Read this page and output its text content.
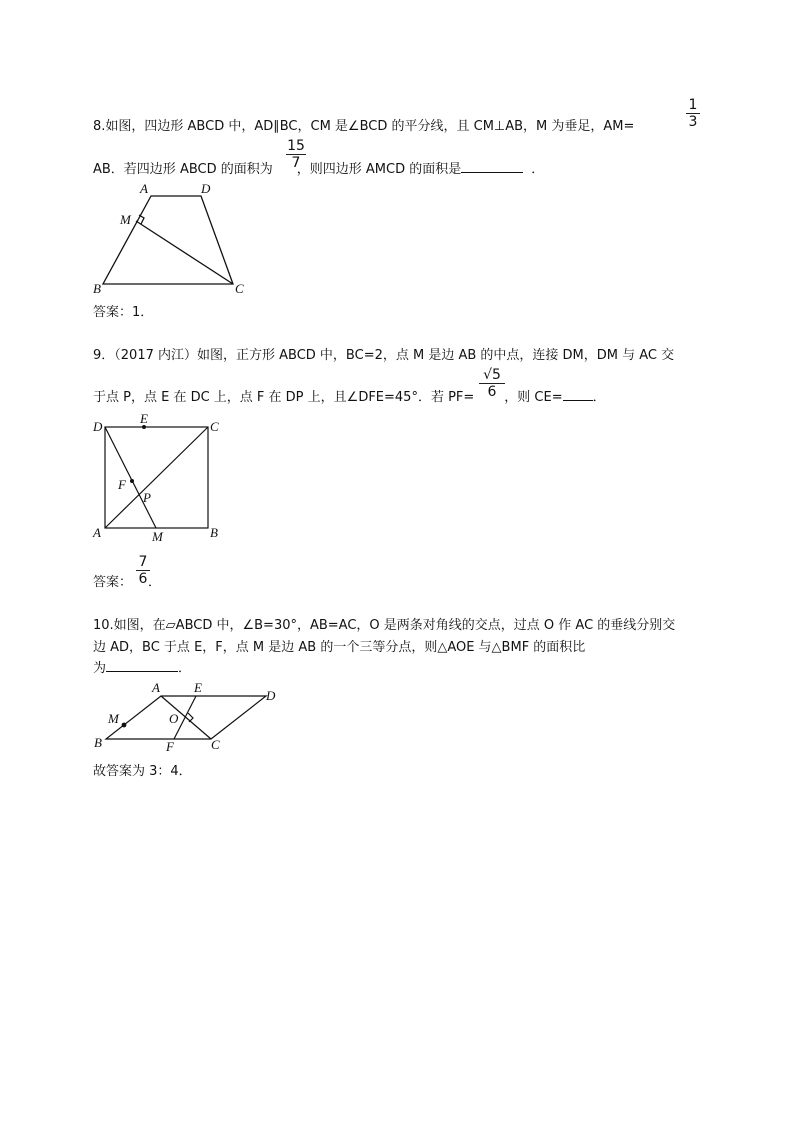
$\frac{1}{3}$
8.如图，四边形 ABCD 中，AD∥BC，CM 是∠BCD 的平分线，且 CM⊥AB，M 为垂足，AM=
$\frac{15}{7}$
AB．若四边形 ABCD 的面积为 ，则四边形 AMCD 的面积是	．
A	D
M
B	C
答案：1．
9．（2017 内江）如图，正方形 ABCD 中，BC=2，点 M 是边 AB 的中点，连接 DM，DM 与 AC 交
$\frac{√5}{6}$
于点 P，点 E 在 DC 上，点 F 在 DP 上，且∠DFE=45°．若 PF= ，则 CE= ．
D
E
C
F
P
A	M	B
$\frac{7}{6}$
答案： ．
10.如图，在▱ABCD 中，∠B=30°，AB=AC，O 是两条对角线的交点，过点 O 作 AC 的垂线分别交
边 AD，BC 于点 E，F，点 M 是边 AB 的一个三等分点，则△AOE 与△BMF 的面积比
为	．
A	E
D
M	O
B	F	C
故答案为 3：4．
